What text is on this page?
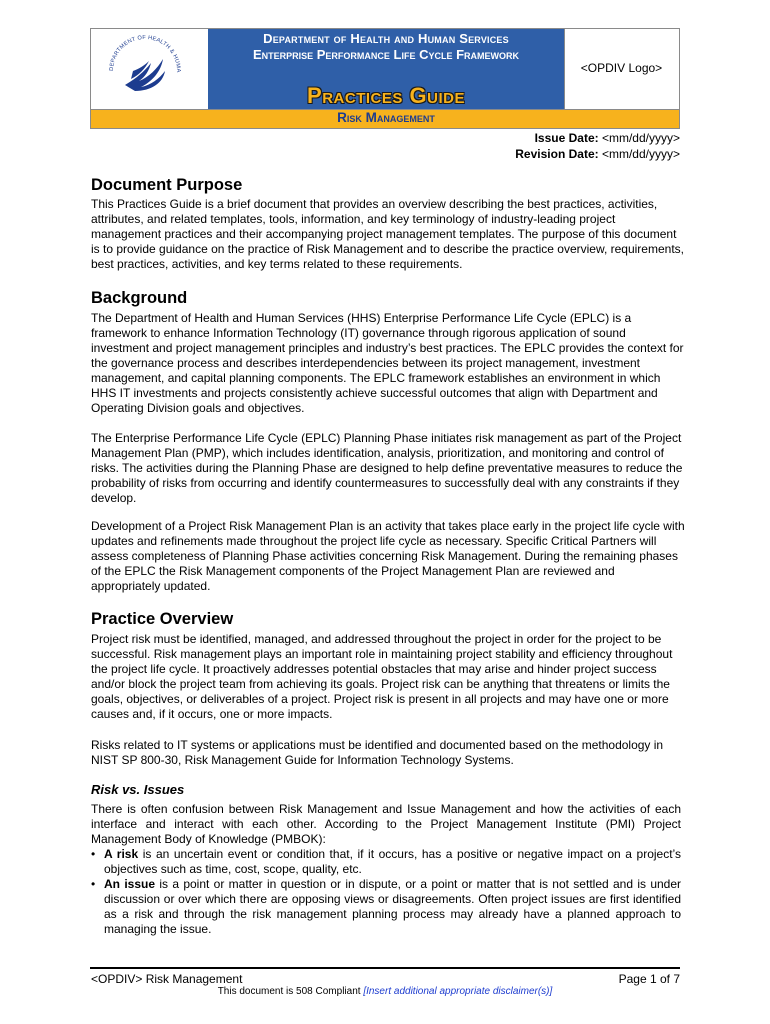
DEPARTMENT OF HEALTH & HUMA
Department of Health and Human Services
Enterprise Performance Life Cycle Framework
Practices Guide
Risk Management
<OPDIV Logo>
Issue Date: <mm/dd/yyyy>
Revision Date: <mm/dd/yyyy>
Document Purpose

This Practices Guide is a brief document that provides an overview describing the best practices, activities, attributes, and related templates, tools, information, and key terminology of industry-leading project management practices and their accompanying project management templates. The purpose of this document is to provide guidance on the practice of Risk Management and to describe the practice overview, requirements, best practices, activities, and key terms related to these requirements.

Background

The Department of Health and Human Services (HHS) Enterprise Performance Life Cycle (EPLC) is a framework to enhance Information Technology (IT) governance through rigorous application of sound investment and project management principles and industry’s best practices. The EPLC provides the context for the governance process and describes interdependencies between its project management, investment management, and capital planning components. The EPLC framework establishes an environment in which HHS IT investments and projects consistently achieve successful outcomes that align with Department and Operating Division goals and objectives.

The Enterprise Performance Life Cycle (EPLC) Planning Phase initiates risk management as part of the Project Management Plan (PMP), which includes identification, analysis, prioritization, and monitoring and control of risks. The activities during the Planning Phase are designed to help define preventative measures to reduce the probability of risks from occurring and identify countermeasures to successfully deal with any constraints if they develop.

Development of a Project Risk Management Plan is an activity that takes place early in the project life cycle with updates and refinements made throughout the project life cycle as necessary. Specific Critical Partners will assess completeness of Planning Phase activities concerning Risk Management. During the remaining phases of the EPLC the Risk Management components of the Project Management Plan are reviewed and appropriately updated.

Practice Overview

Project risk must be identified, managed, and addressed throughout the project in order for the project to be successful. Risk management plays an important role in maintaining project stability and efficiency throughout the project life cycle. It proactively addresses potential obstacles that may arise and hinder project success and/or block the project team from achieving its goals. Project risk can be anything that threatens or limits the goals, objectives, or deliverables of a project. Project risk is present in all projects and may have one or more causes and, if it occurs, one or more impacts.

Risks related to IT systems or applications must be identified and documented based on the methodology in NIST SP 800-30, Risk Management Guide for Information Technology Systems.

Risk vs. Issues

There is often confusion between Risk Management and Issue Management and how the activities of each interface and interact with each other. According to the Project Management Institute (PMI) Project Management Body of Knowledge (PMBOK):

• A risk is an uncertain event or condition that, if it occurs, has a positive or negative impact on a project’s objectives such as time, cost, scope, quality, etc.
• An issue is a point or matter in question or in dispute, or a point or matter that is not settled and is under discussion or over which there are opposing views or disagreements. Often project issues are first identified as a risk and through the risk management planning process may already have a planned approach to managing the issue.
<OPDIV> Risk Management	Page 1 of 7
This document is 508 Compliant [Insert additional appropriate disclaimer(s)]
